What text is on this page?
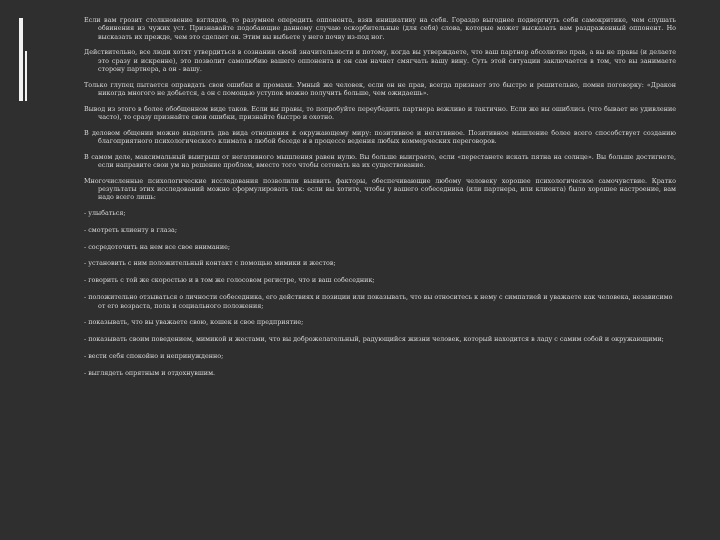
Если вам грозит столкновение взглядов, то разумнее опередить оппонента, взяв инициативу на себя. Гораздо выгоднее подвергнуть себя самокритике, чем слушать обвинения из чужих уст. Признавайте подобающие данному случаю оскорбительные (для себя) слова, которые может высказать вам раздраженный оппонент. Но высказать их прежде, чем это сделает он. Этим вы выбьете у него почву из-под ног.

Действительно, все люди хотят утвердиться в сознании своей значительности и потому, когда вы утверждаете, что ваш партнер абсолютно прав, а вы не правы (и делаете это сразу и искренне), это позволит самолюбию вашего оппонента и он сам начнет смягчать вашу вину. Суть этой ситуации заключается в том, что вы занимаете сторону партнера, а он - вашу.

Только глупец пытается оправдать свои ошибки и промахи. Умный же человек, если он не прав, всегда признает это быстро и решительно, помня поговорку: «Дракон никогда многого не добьется, а он с помощью уступок можно получить больше, чем ожидаешь».

Вывод из этого в более обобщенном виде таков. Если вы правы, то попробуйте переубедить партнера вежливо и тактично. Если же вы ошиблись (что бывает не удивление часто), то сразу признайте свои ошибки, признайте быстро и охотно.

В деловом общении можно выделить два вида отношения к окружающему миру: позитивное и негативное. Позитивное мышление более всего способствует созданию благоприятного психологического климата в любой беседе и в процессе ведения любых коммерческих переговоров.

В самом деле, максимальный выигрыш от негативного мышления равен нулю. Вы больше выиграете, если «перестанете искать пятна на солнце». Вы больше достигнете, если направите свои ум на решение проблем, вместо того чтобы сетовать на их существование.

Многочисленные психологические исследования позволили выявить факторы, обеспечивающие любому человеку хорошее психологическое самочувствие. Кратко результаты этих исследований можно сформулировать так: если вы хотите, чтобы у вашего собеседника (или партнера, или клиента) было хорошее настроение, вам надо всего лишь:

- улыбаться;

- смотреть клиенту в глаза;

- сосредоточить на нем все свое внимание;

- установить с ним положительный контакт с помощью мимики и жестов;

- говорить с той же скоростью и в том же голосовом регистре, что и ваш собеседник;

- положительно отзываться о личности собеседника, его действиях и позиции или показывать, что вы относитесь к нему с симпатией и уважаете как человека, независимо от его возраста, пола и социального положения;

- показывать, что вы уважаете свою, кошек и свое предприятие;

- показывать своим поведением, мимикой и жестами, что вы доброжелательный, радующийся жизни человек, который находится в ладу с самим собой и окружающими;

- вести себя спокойно и непринужденно;

- выглядеть опрятным и отдохнувшим.
